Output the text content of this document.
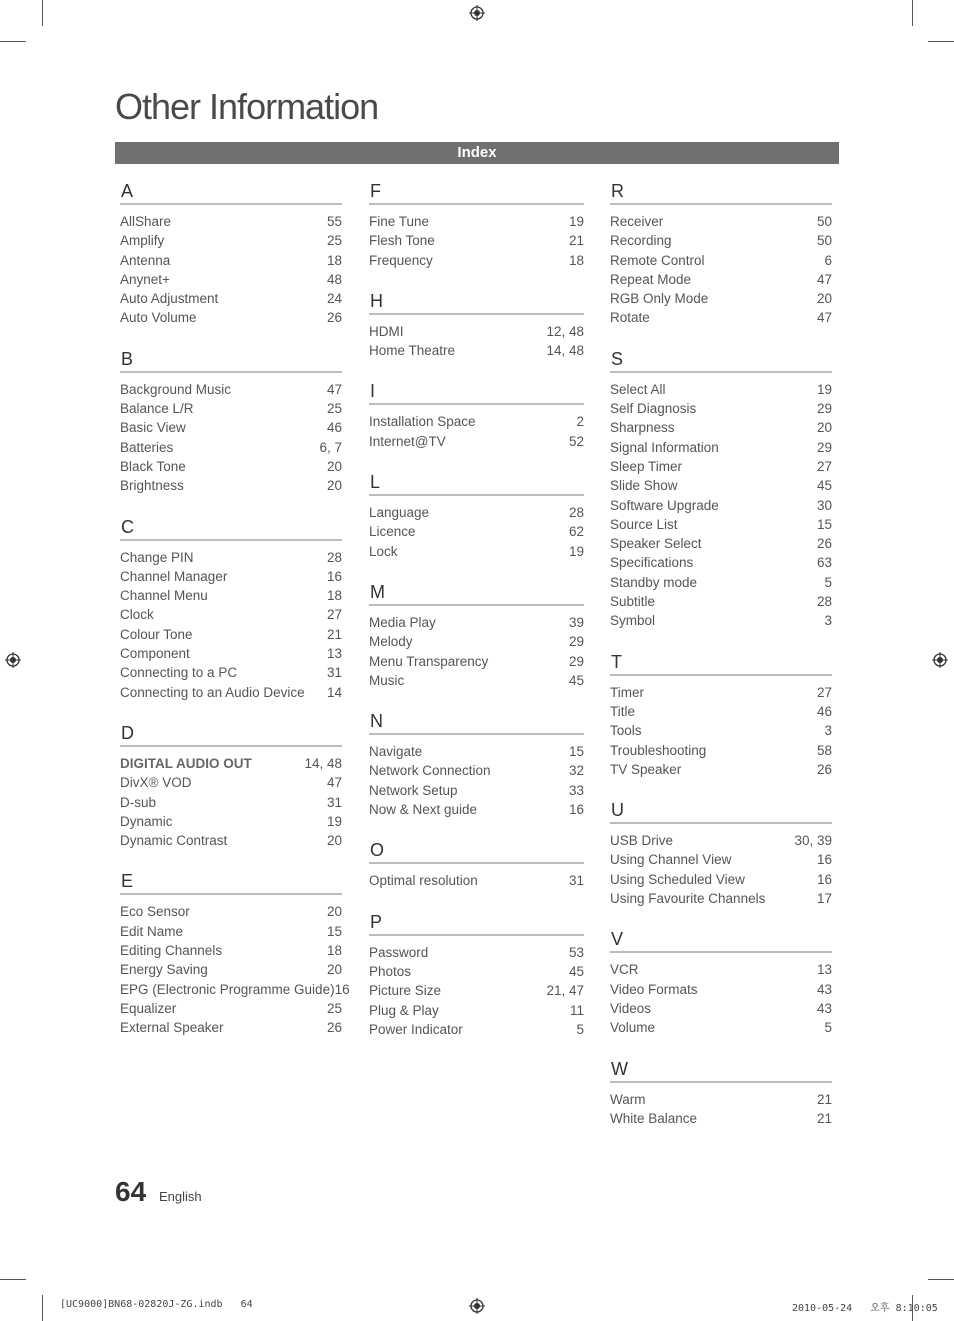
Other Information
Index
A
AllShare	55
Amplify	25
Antenna	18
Anynet+	48
Auto Adjustment	24
Auto Volume	26
B
Background Music	47
Balance L/R	25
Basic View	46
Batteries	6, 7
Black Tone	20
Brightness	20
C
Change PIN	28
Channel Manager	16
Channel Menu	18
Clock	27
Colour Tone	21
Component	13
Connecting to a PC	31
Connecting to an Audio Device 14
D
DIGITAL AUDIO OUT	14, 48
DivX® VOD	47
D-sub	31
Dynamic	19
Dynamic Contrast	20
E
Eco Sensor	20
Edit Name	15
Editing Channels	18
Energy Saving	20
EPG (Electronic Programme Guide) 16
Equalizer	25
External Speaker	26
F
Fine Tune	19
Flesh Tone	21
Frequency	18
H
HDMI	12, 48
Home Theatre	14, 48
I
Installation Space	2
Internet@TV	52
L
Language	28
Licence	62
Lock	19
M
Media Play	39
Melody	29
Menu Transparency	29
Music	45
N
Navigate	15
Network Connection	32
Network Setup	33
Now & Next guide	16
O
Optimal resolution	31
P
Password	53
Photos	45
Picture Size	21, 47
Plug & Play	11
Power Indicator	5
R
Receiver	50
Recording	50
Remote Control	6
Repeat Mode	47
RGB Only Mode	20
Rotate	47
S
Select All	19
Self Diagnosis	29
Sharpness	20
Signal Information	29
Sleep Timer	27
Slide Show	45
Software Upgrade	30
Source List	15
Speaker Select	26
Specifications	63
Standby mode	5
Subtitle	28
Symbol	3
T
Timer	27
Title	46
Tools	3
Troubleshooting	58
TV Speaker	26
U
USB Drive	30, 39
Using Channel View	16
Using Scheduled View	16
Using Favourite Channels	17
V
VCR	13
Video Formats	43
Videos	43
Volume	5
W
Warm	21
White Balance	21
64 English
[UC9000]BN68-02820J-ZG.indb   64	2010-05-24   오후 8:10:05
